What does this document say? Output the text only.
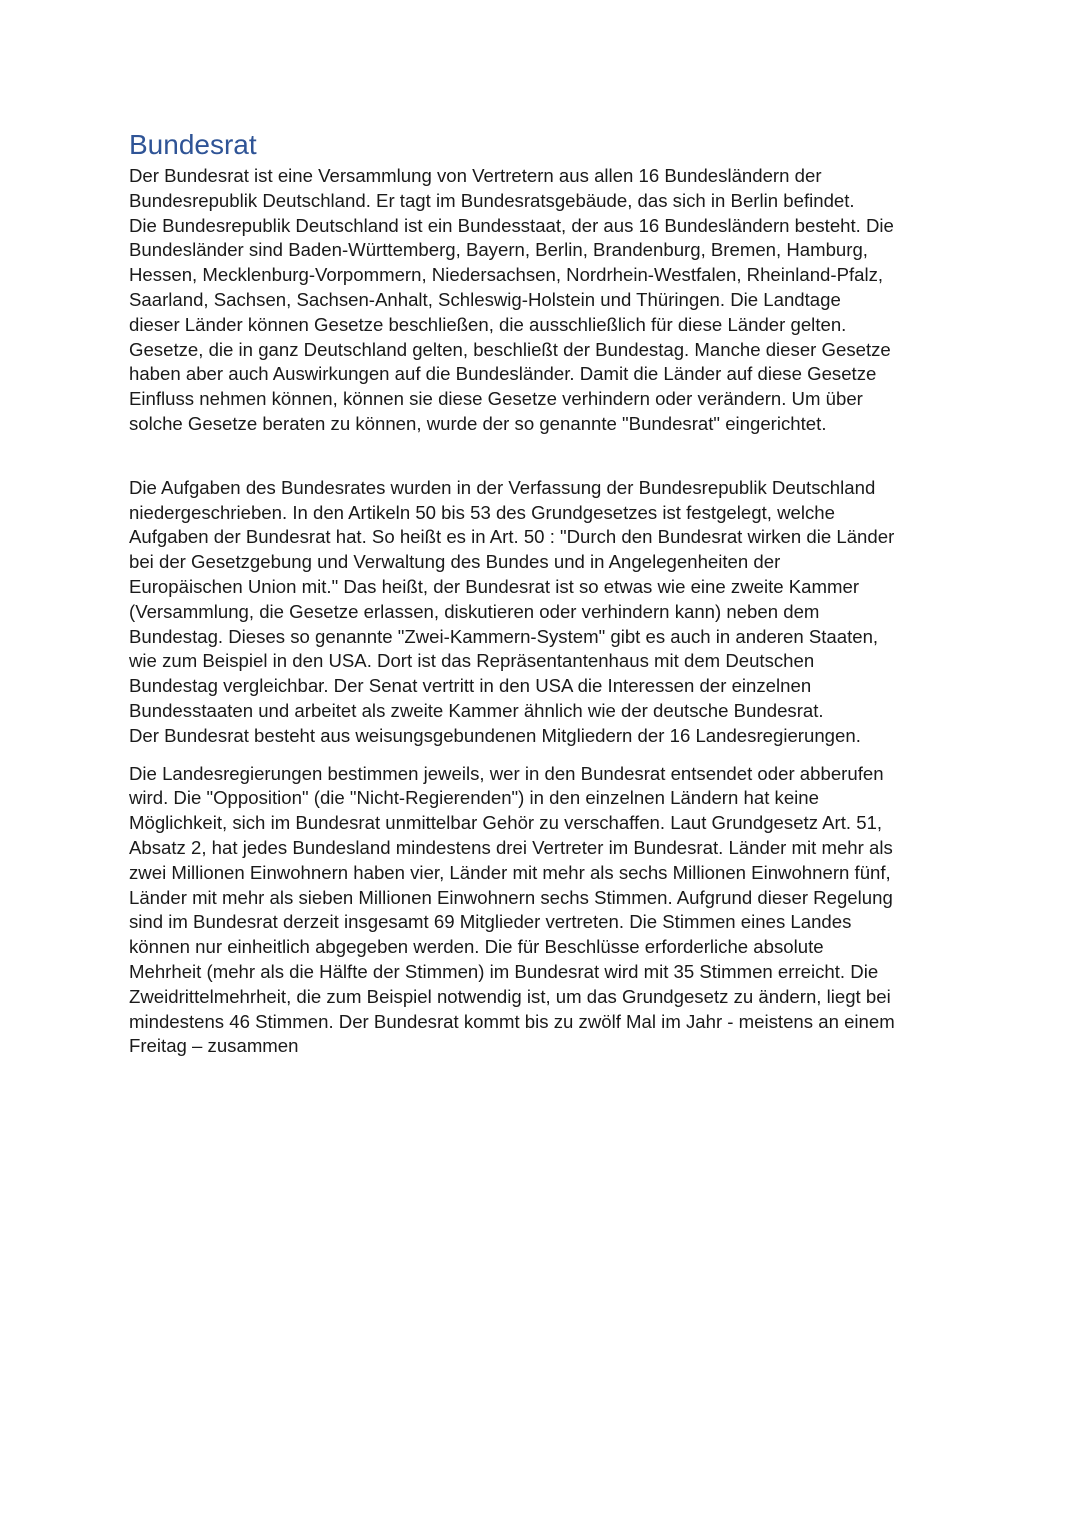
Bundesrat

Der Bundesrat ist eine Versammlung von Vertretern aus allen 16 Bundesländern der
Bundesrepublik Deutschland. Er tagt im Bundesratsgebäude, das sich in Berlin befindet.
Die Bundesrepublik Deutschland ist ein Bundesstaat, der aus 16 Bundesländern besteht. Die
Bundesländer sind Baden-Württemberg, Bayern, Berlin, Brandenburg, Bremen, Hamburg,
Hessen, Mecklenburg-Vorpommern, Niedersachsen, Nordrhein-Westfalen, Rheinland-Pfalz,
Saarland, Sachsen, Sachsen-Anhalt, Schleswig-Holstein und Thüringen. Die Landtage
dieser Länder können Gesetze beschließen, die ausschließlich für diese Länder gelten.
Gesetze, die in ganz Deutschland gelten, beschließt der Bundestag. Manche dieser Gesetze
haben aber auch Auswirkungen auf die Bundesländer. Damit die Länder auf diese Gesetze
Einfluss nehmen können, können sie diese Gesetze verhindern oder verändern. Um über
solche Gesetze beraten zu können, wurde der so genannte "Bundesrat" eingerichtet.

Die Aufgaben des Bundesrates wurden in der Verfassung der Bundesrepublik Deutschland
niedergeschrieben. In den Artikeln 50 bis 53 des Grundgesetzes ist festgelegt, welche
Aufgaben der Bundesrat hat. So heißt es in Art. 50 : "Durch den Bundesrat wirken die Länder
bei der Gesetzgebung und Verwaltung des Bundes und in Angelegenheiten der
Europäischen Union mit." Das heißt, der Bundesrat ist so etwas wie eine zweite Kammer
(Versammlung, die Gesetze erlassen, diskutieren oder verhindern kann) neben dem
Bundestag. Dieses so genannte "Zwei-Kammern-System" gibt es auch in anderen Staaten,
wie zum Beispiel in den USA. Dort ist das Repräsentantenhaus mit dem Deutschen
Bundestag vergleichbar. Der Senat vertritt in den USA die Interessen der einzelnen
Bundesstaaten und arbeitet als zweite Kammer ähnlich wie der deutsche Bundesrat.
Der Bundesrat besteht aus weisungsgebundenen Mitgliedern der 16 Landesregierungen.

Die Landesregierungen bestimmen jeweils, wer in den Bundesrat entsendet oder abberufen
wird. Die "Opposition" (die "Nicht-Regierenden") in den einzelnen Ländern hat keine
Möglichkeit, sich im Bundesrat unmittelbar Gehör zu verschaffen. Laut Grundgesetz Art. 51,
Absatz 2, hat jedes Bundesland mindestens drei Vertreter im Bundesrat. Länder mit mehr als
zwei Millionen Einwohnern haben vier, Länder mit mehr als sechs Millionen Einwohnern fünf,
Länder mit mehr als sieben Millionen Einwohnern sechs Stimmen. Aufgrund dieser Regelung
sind im Bundesrat derzeit insgesamt 69 Mitglieder vertreten. Die Stimmen eines Landes
können nur einheitlich abgegeben werden. Die für Beschlüsse erforderliche absolute
Mehrheit (mehr als die Hälfte der Stimmen) im Bundesrat wird mit 35 Stimmen erreicht. Die
Zweidrittelmehrheit, die zum Beispiel notwendig ist, um das Grundgesetz zu ändern, liegt bei
mindestens 46 Stimmen. Der Bundesrat kommt bis zu zwölf Mal im Jahr - meistens an einem
Freitag – zusammen
